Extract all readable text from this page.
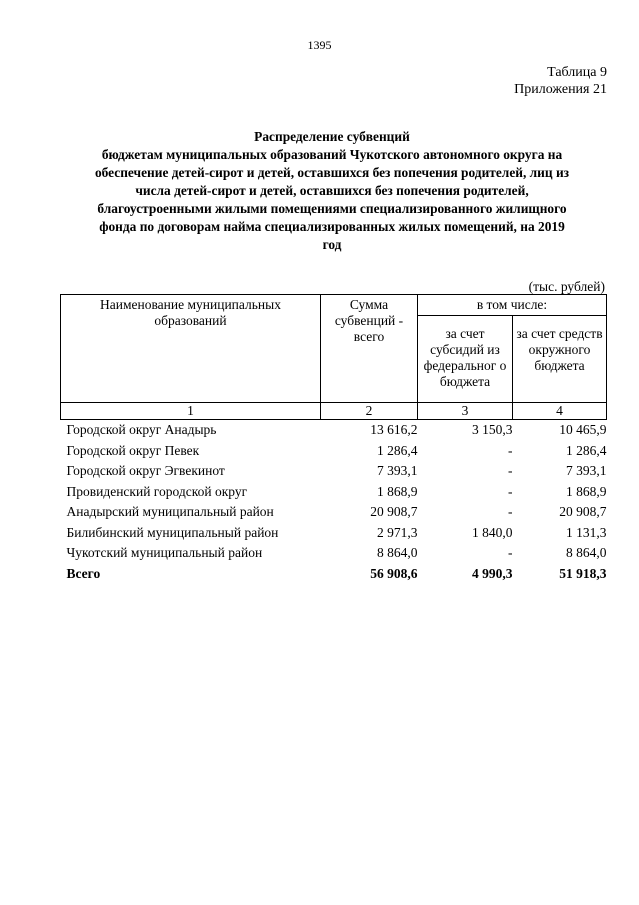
1395
Таблица 9
Приложения 21
Распределение субвенций
бюджетам муниципальных образований Чукотского автономного округа на
обеспечение детей-сирот и детей, оставшихся без попечения родителей, лиц из
числа детей-сирот и детей, оставшихся без попечения родителей,
благоустроенными жилыми помещениями специализированного жилищного
фонда по договорам найма специализированных жилых помещений, на 2019
год
(тыс. рублей)
Наименование муниципальных образований	Сумма субвенций - всего	в том числе:	
		за счет субсидий из федеральног о бюджета	за счет средств окружного бюджета
1	2	3	4
Городской округ Анадырь	13 616,2	3 150,3	10 465,9
Городской округ Певек	1 286,4	-	1 286,4
Городской округ Эгвекинот	7 393,1	-	7 393,1
Провиденский городской округ	1 868,9	-	1 868,9
Анадырский муниципальный район	20 908,7	-	20 908,7
Билибинский муниципальный район	2 971,3	1 840,0	1 131,3
Чукотский муниципальный район	8 864,0	-	8 864,0
Всего	56 908,6	4 990,3	51 918,3
